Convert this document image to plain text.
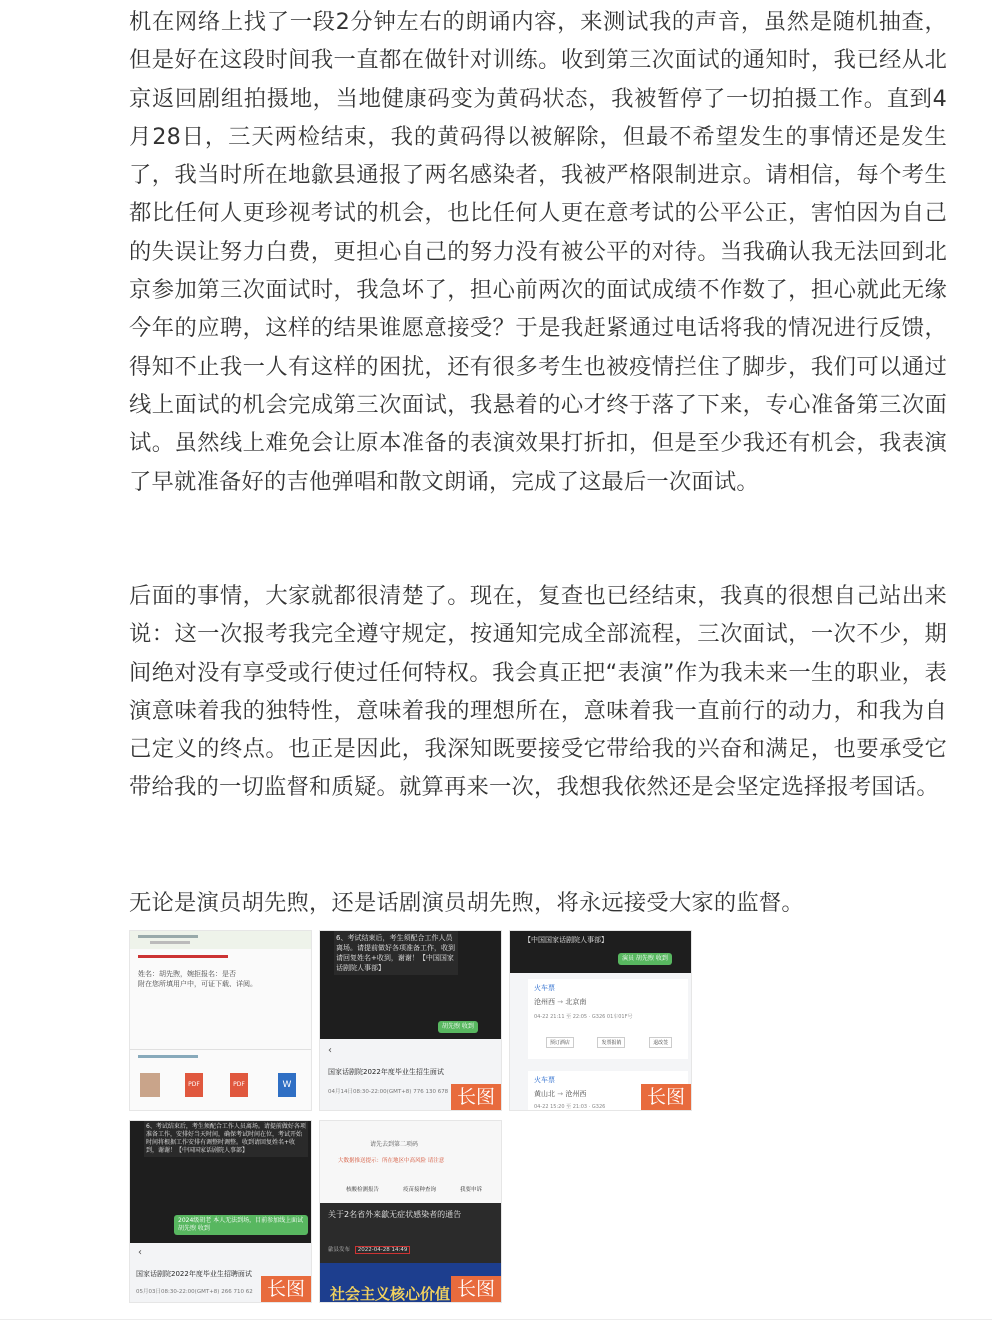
机在网络上找了一段2分钟左右的朗诵内容，来测试我的声音，虽然是随机抽查，但是好在这段时间我一直都在做针对训练。收到第三次面试的通知时，我已经从北京返回剧组拍摄地，当地健康码变为黄码状态，我被暂停了一切拍摄工作。直到4月28日，三天两检结束，我的黄码得以被解除，但最不希望发生的事情还是发生了，我当时所在地歙县通报了两名感染者，我被严格限制进京。请相信，每个考生都比任何人更珍视考试的机会，也比任何人更在意考试的公平公正，害怕因为自己的失误让努力白费，更担心自己的努力没有被公平的对待。当我确认我无法回到北京参加第三次面试时，我急坏了，担心前两次的面试成绩不作数了，担心就此无缘今年的应聘，这样的结果谁愿意接受？于是我赶紧通过电话将我的情况进行反馈，得知不止我一人有这样的困扰，还有很多考生也被疫情拦住了脚步，我们可以通过线上面试的机会完成第三次面试，我悬着的心才终于落了下来，专心准备第三次面试。虽然线上难免会让原本准备的表演效果打折扣，但是至少我还有机会，我表演了早就准备好的吉他弹唱和散文朗诵，完成了这最后一次面试。

后面的事情，大家就都很清楚了。现在，复查也已经结束，我真的很想自己站出来说：这一次报考我完全遵守规定，按通知完成全部流程，三次面试，一次不少，期间绝对没有享受或行使过任何特权。我会真正把“表演”作为我未来一生的职业，表演意味着我的独特性，意味着我的理想所在，意味着我一直前行的动力，和我为自己定义的终点。也正是因此，我深知既要接受它带给我的兴奋和满足，也要承受它带给我的一切监督和质疑。就算再来一次，我想我依然还是会坚定选择报考国话。

无论是演员胡先煦，还是话剧演员胡先煦，将永远接受大家的监督。

姓名：胡先煦，婉拒报名：是否
附在您所填用户中，可证下载、详阅。
PDF	PDF	W
6、考试结束后，考生须配合工作人员离场。请提前做好各项准备工作，收到请回复姓名+收到，谢谢！【中国国家话剧院人事部】
胡先煦 收到
‹
国家话剧院2022年度毕业生招生面试
04月14日08:30-22:00(GMT+8) 776 130 678 长图
【中国国家话剧院人事部】
演员 胡先煦 收到
火车票
沧州西 → 北京南
04-22 21:11 至 22:05 · G326 01车01F号
预订酒店	发票报销	退改签
火车票
黄山北 → 沧州西
04-22 15:20 至 21:03 · G326	长图
6、考试结束后，考生须配合工作人员离场。请提前做好各项准备工作，安排好当天时间，确保考试时间在位，考试开始时间将根据工作安排有调整时调整。收到请回复姓名+收到，谢谢！【中国国家话剧院人事部】
2024级胡老 本人无法到场，目前参加线上面试 胡先煦 收到
‹
国家话剧院2022年度毕业生招聘面试
05月03日08:30-22:00(GMT+8) 266 710 62 长图
请先去到第二项码
大数据推送提示：所在地区中高风险 请注意
核酸检测报告	疫苗接种查询	我要申诉
关于2名省外来歙无症状感染者的通告
歙县发布 2022-04-28 14:49
社会主义核心价值 长图
